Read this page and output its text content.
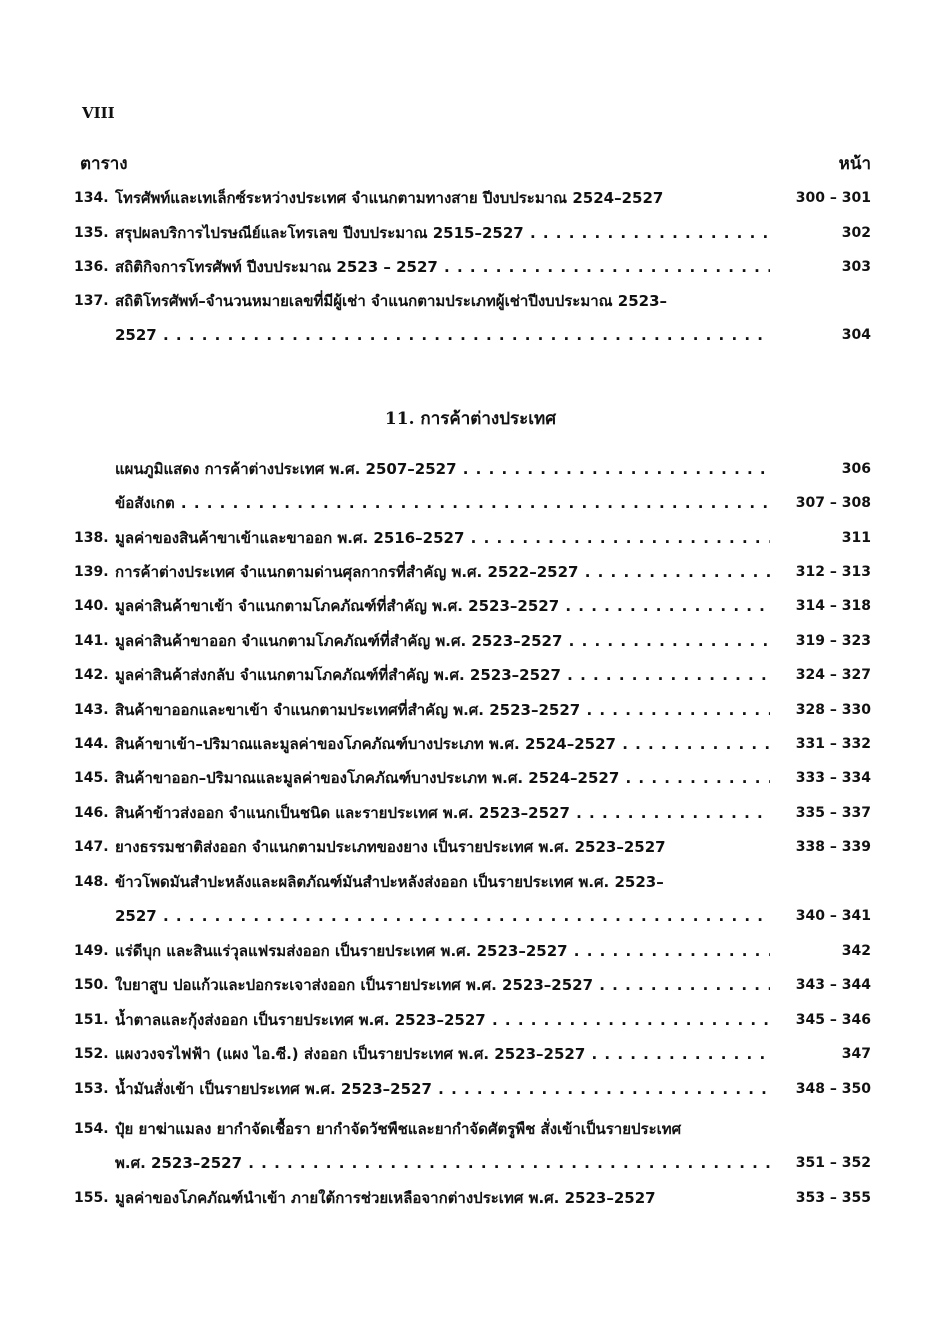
VIII
ตาราง	หน้า
134. โทรศัพท์และเทเล็กซ์ระหว่างประเทศ จำแนกตามทางสาย ปีงบประมาณ 2524–2527	300 – 301
135. สรุปผลบริการไปรษณีย์และโทรเลข ปีงบประมาณ 2515–2527 . . .	302
136. สถิติกิจการโทรศัพท์ ปีงบประมาณ 2523 – 2527 . . .	303
137. สถิติโทรศัพท์–จำนวนหมายเลขที่มีผู้เช่า จำแนกตามประเภทผู้เช่าปีงบประมาณ 2523–
2527 . . .	304
11. การค้าต่างประเทศ
แผนภูมิแสดง การค้าต่างประเทศ พ.ศ. 2507–2527 . . .	306
ข้อสังเกต . . .	307 – 308
138. มูลค่าของสินค้าขาเข้าและขาออก พ.ศ. 2516–2527 . . .	311
139. การค้าต่างประเทศ จำแนกตามด่านศุลกากรที่สำคัญ พ.ศ. 2522–2527 . . .	312 – 313
140. มูลค่าสินค้าขาเข้า จำแนกตามโภคภัณฑ์ที่สำคัญ พ.ศ. 2523–2527 . . .	314 – 318
141. มูลค่าสินค้าขาออก จำแนกตามโภคภัณฑ์ที่สำคัญ พ.ศ. 2523–2527 . . .	319 – 323
142. มูลค่าสินค้าส่งกลับ จำแนกตามโภคภัณฑ์ที่สำคัญ พ.ศ. 2523–2527 . . .	324 – 327
143. สินค้าขาออกและขาเข้า จำแนกตามประเทศที่สำคัญ พ.ศ. 2523–2527 . . .	328 – 330
144. สินค้าขาเข้า–ปริมาณและมูลค่าของโภคภัณฑ์บางประเภท พ.ศ. 2524–2527 . . .	331 – 332
145. สินค้าขาออก–ปริมาณและมูลค่าของโภคภัณฑ์บางประเภท พ.ศ. 2524–2527 . . .	333 – 334
146. สินค้าข้าวส่งออก จำแนกเป็นชนิด และรายประเทศ พ.ศ. 2523–2527 . . .	335 – 337
147. ยางธรรมชาติส่งออก จำแนกตามประเภทของยาง เป็นรายประเทศ พ.ศ. 2523–2527	338 – 339
148. ข้าวโพดมันสำปะหลังและผลิตภัณฑ์มันสำปะหลังส่งออก เป็นรายประเทศ พ.ศ. 2523–
2527 . . .	340 – 341
149. แร่ดีบุก และสินแร่วุลแฟรมส่งออก เป็นรายประเทศ พ.ศ. 2523–2527 . . .	342
150. ใบยาสูบ ปอแก้วและปอกระเจาส่งออก เป็นรายประเทศ พ.ศ. 2523–2527 . . .	343 – 344
151. น้ำตาลและกุ้งส่งออก เป็นรายประเทศ พ.ศ. 2523–2527 . . .	345 – 346
152. แผงวงจรไฟฟ้า (แผง ไอ.ซี.) ส่งออก เป็นรายประเทศ พ.ศ. 2523–2527 . . .	347
153. น้ำมันสั่งเข้า เป็นรายประเทศ พ.ศ. 2523–2527 . . .	348 – 350
154. ปุ๋ย ยาฆ่าแมลง ยากำจัดเชื้อรา ยากำจัดวัชพืชและยากำจัดศัตรูพืช สั่งเข้าเป็นรายประเทศ
พ.ศ. 2523–2527 . . .	351 – 352
155. มูลค่าของโภคภัณฑ์นำเข้า ภายใต้การช่วยเหลือจากต่างประเทศ พ.ศ. 2523–2527	353 – 355
